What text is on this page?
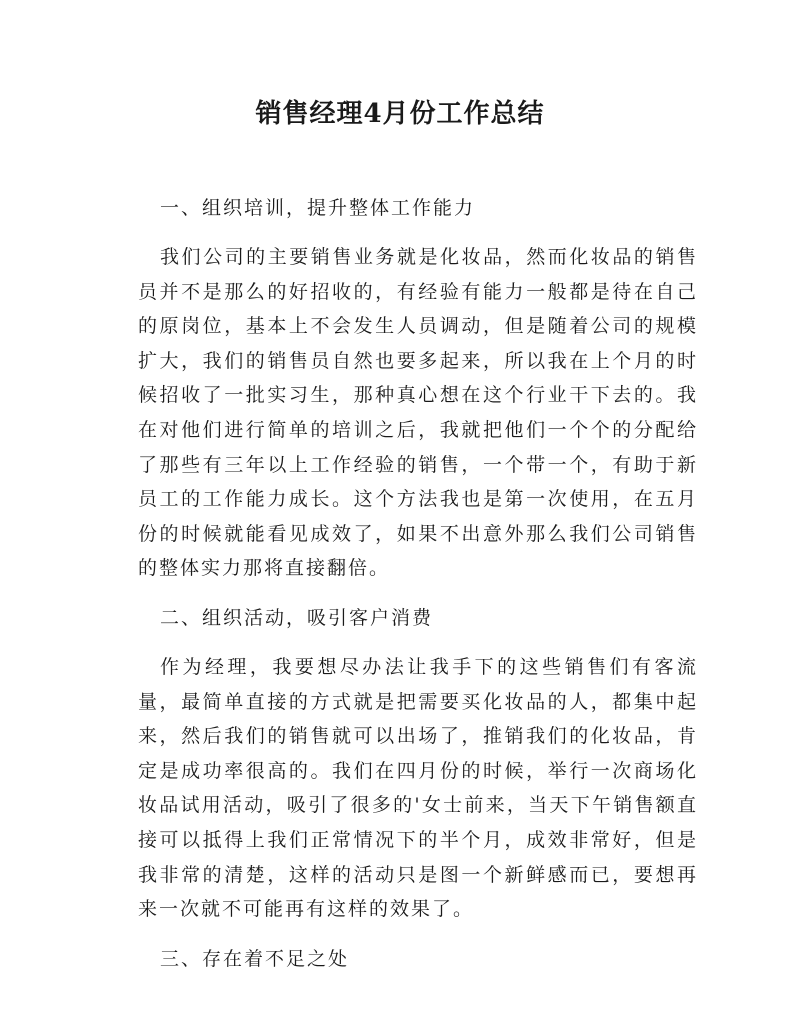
销售经理4月份工作总结

一、组织培训，提升整体工作能力

我们公司的主要销售业务就是化妆品，然而化妆品的销售员并不是那么的好招收的，有经验有能力一般都是待在自己的原岗位，基本上不会发生人员调动，但是随着公司的规模扩大，我们的销售员自然也要多起来，所以我在上个月的时候招收了一批实习生，那种真心想在这个行业干下去的。我在对他们进行简单的培训之后，我就把他们一个个的分配给了那些有三年以上工作经验的销售，一个带一个，有助于新员工的工作能力成长。这个方法我也是第一次使用，在五月份的时候就能看见成效了，如果不出意外那么我们公司销售的整体实力那将直接翻倍。

二、组织活动，吸引客户消费

作为经理，我要想尽办法让我手下的这些销售们有客流量，最简单直接的方式就是把需要买化妆品的人，都集中起来，然后我们的销售就可以出场了，推销我们的化妆品，肯定是成功率很高的。我们在四月份的时候，举行一次商场化妆品试用活动，吸引了很多的'女士前来，当天下午销售额直接可以抵得上我们正常情况下的半个月，成效非常好，但是我非常的清楚，这样的活动只是图一个新鲜感而已，要想再来一次就不可能再有这样的效果了。

三、存在着不足之处
